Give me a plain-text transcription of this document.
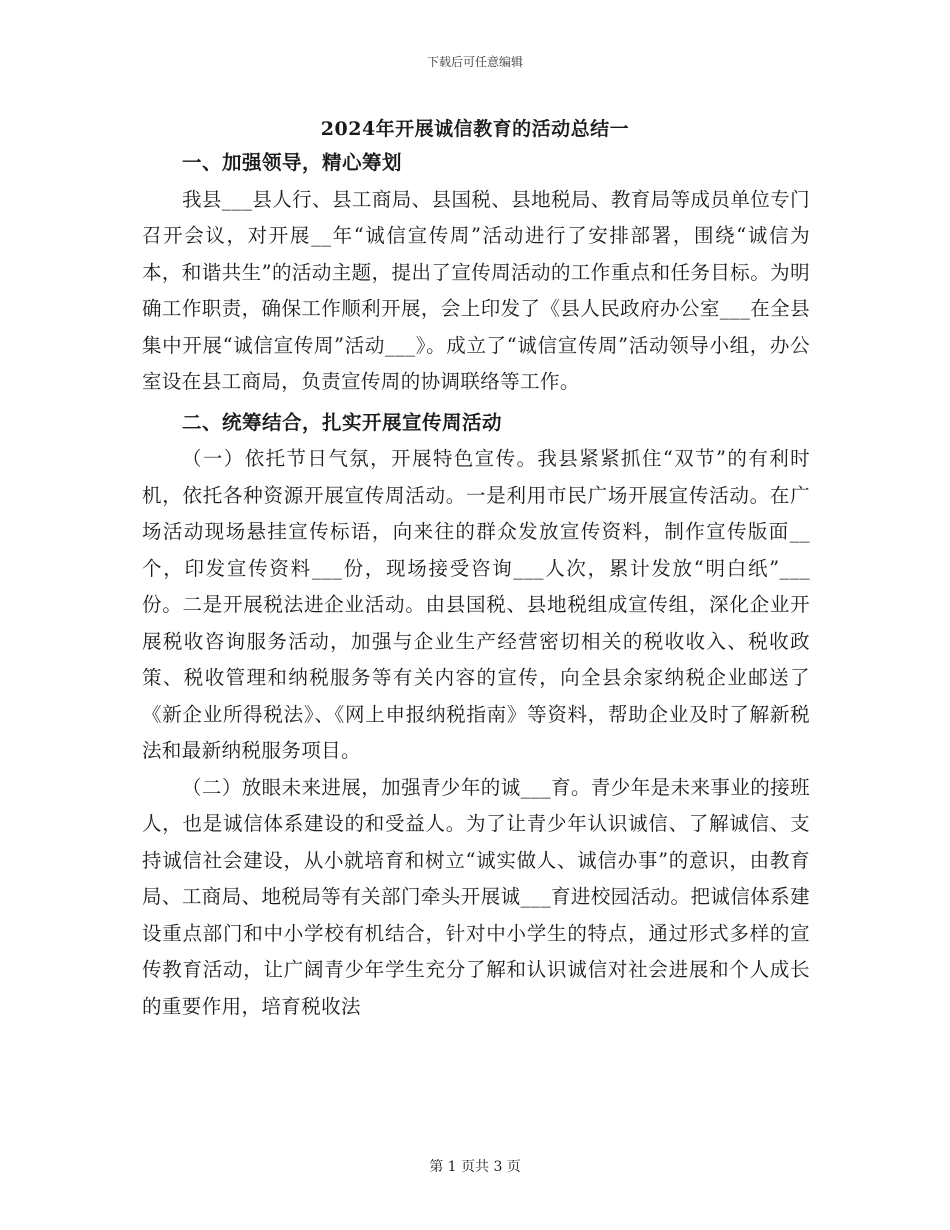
下载后可任意编辑
2024年开展诚信教育的活动总结一

一、加强领导，精心筹划

我县___县人行、县工商局、县国税、县地税局、教育局等成员单位专门召开会议，对开展__年“诚信宣传周”活动进行了安排部署，围绕“诚信为本，和谐共生”的活动主题，提出了宣传周活动的工作重点和任务目标。为明确工作职责，确保工作顺利开展，会上印发了《县人民政府办公室___在全县集中开展“诚信宣传周”活动___》。成立了“诚信宣传周”活动领导小组，办公室设在县工商局，负责宣传周的协调联络等工作。

二、统筹结合，扎实开展宣传周活动

（一）依托节日气氛，开展特色宣传。我县紧紧抓住“双节”的有利时机，依托各种资源开展宣传周活动。一是利用市民广场开展宣传活动。在广场活动现场悬挂宣传标语，向来往的群众发放宣传资料，制作宣传版面__个，印发宣传资料___份，现场接受咨询___人次，累计发放“明白纸”___份。二是开展税法进企业活动。由县国税、县地税组成宣传组，深化企业开展税收咨询服务活动，加强与企业生产经营密切相关的税收收入、税收政策、税收管理和纳税服务等有关内容的宣传，向全县余家纳税企业邮送了《新企业所得税法》、《网上申报纳税指南》等资料，帮助企业及时了解新税法和最新纳税服务项目。

（二）放眼未来进展，加强青少年的诚___育。青少年是未来事业的接班人，也是诚信体系建设的和受益人。为了让青少年认识诚信、了解诚信、支持诚信社会建设，从小就培育和树立“诚实做人、诚信办事”的意识，由教育局、工商局、地税局等有关部门牵头开展诚___育进校园活动。把诚信体系建设重点部门和中小学校有机结合，针对中小学生的特点，通过形式多样的宣传教育活动，让广阔青少年学生充分了解和认识诚信对社会进展和个人成长的重要作用，培育税收法

第 1 页共 3 页
